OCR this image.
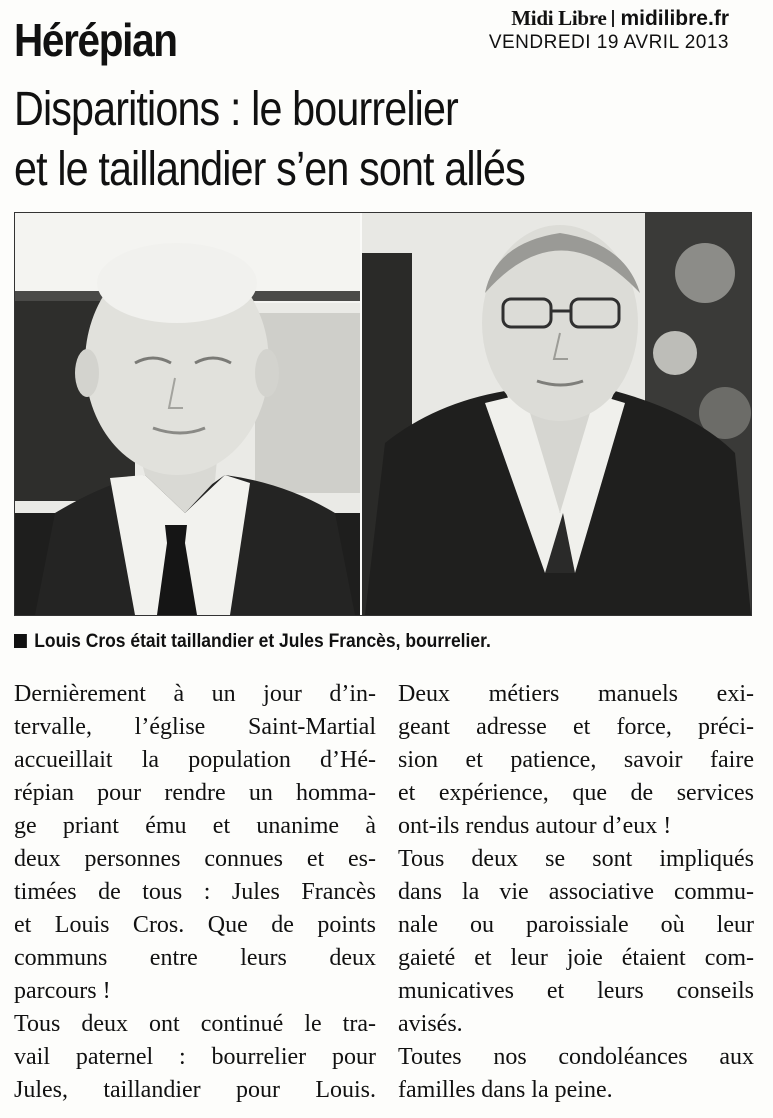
Midi Libre midilibre.fr
VENDREDI 19 AVRIL 2013
Hérépian
Disparitions : le bourrelier
et le taillandier s’en sont allés
Louis Cros était taillandier et Jules Francès, bourrelier.

Dernièrement à un jour d’in-

tervalle, l’église Saint-Martial

accueillait la population d’Hé-

répian pour rendre un hommа-

ge priant ému et unanime à

deux personnes connues et es-

timées de tous : Jules Francès

et Louis Cros. Que de points

communs entre leurs deux

parcours !

Tous deux ont continué le tra-

vail paternel : bourrelier pour

Jules, taillandier pour Louis.

Deux métiers manuels exi-

geant adresse et force, préci-

sion et patience, savoir faire

et expérience, que de services

ont-ils rendus autour d’eux !

Tous deux se sont impliqués

dans la vie associative commu-

nale ou paroissiale où leur

gaieté et leur joie étaient com-

municatives et leurs conseils

avisés.

Toutes nos condoléances aux

familles dans la peine.
